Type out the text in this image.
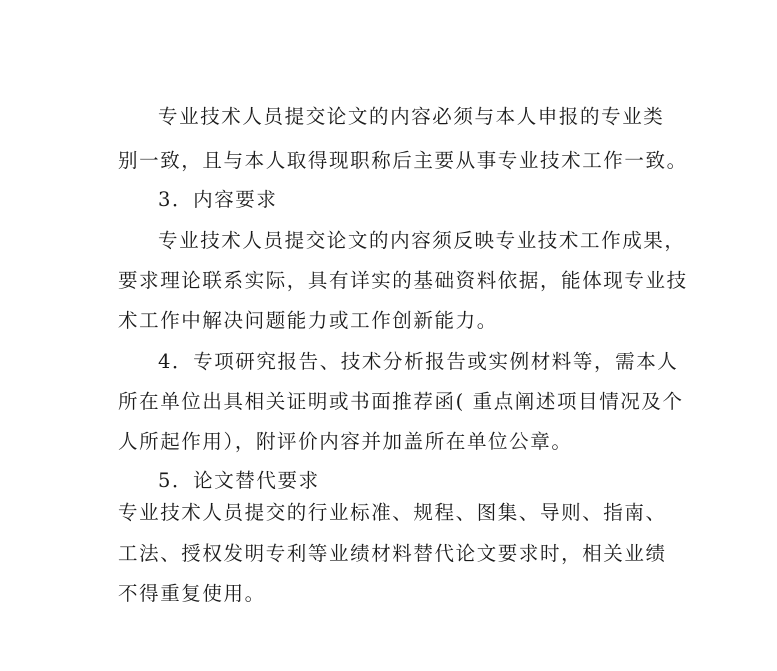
专业技术人员提交论文的内容必须与本人申报的专业类
别一致，且与本人取得现职称后主要从事专业技术工作一致。
3．内容要求
专业技术人员提交论文的内容须反映专业技术工作成果，
要求理论联系实际，具有详实的基础资料依据，能体现专业技
术工作中解决问题能力或工作创新能力。
4．专项研究报告、技术分析报告或实例材料等，需本人
所在单位出具相关证明或书面推荐函( 重点阐述项目情况及个
人所起作用），附评价内容并加盖所在单位公章。
5．论文替代要求
专业技术人员提交的行业标准、规程、图集、导则、指南、
工法、授权发明专利等业绩材料替代论文要求时，相关业绩
不得重复使用。
